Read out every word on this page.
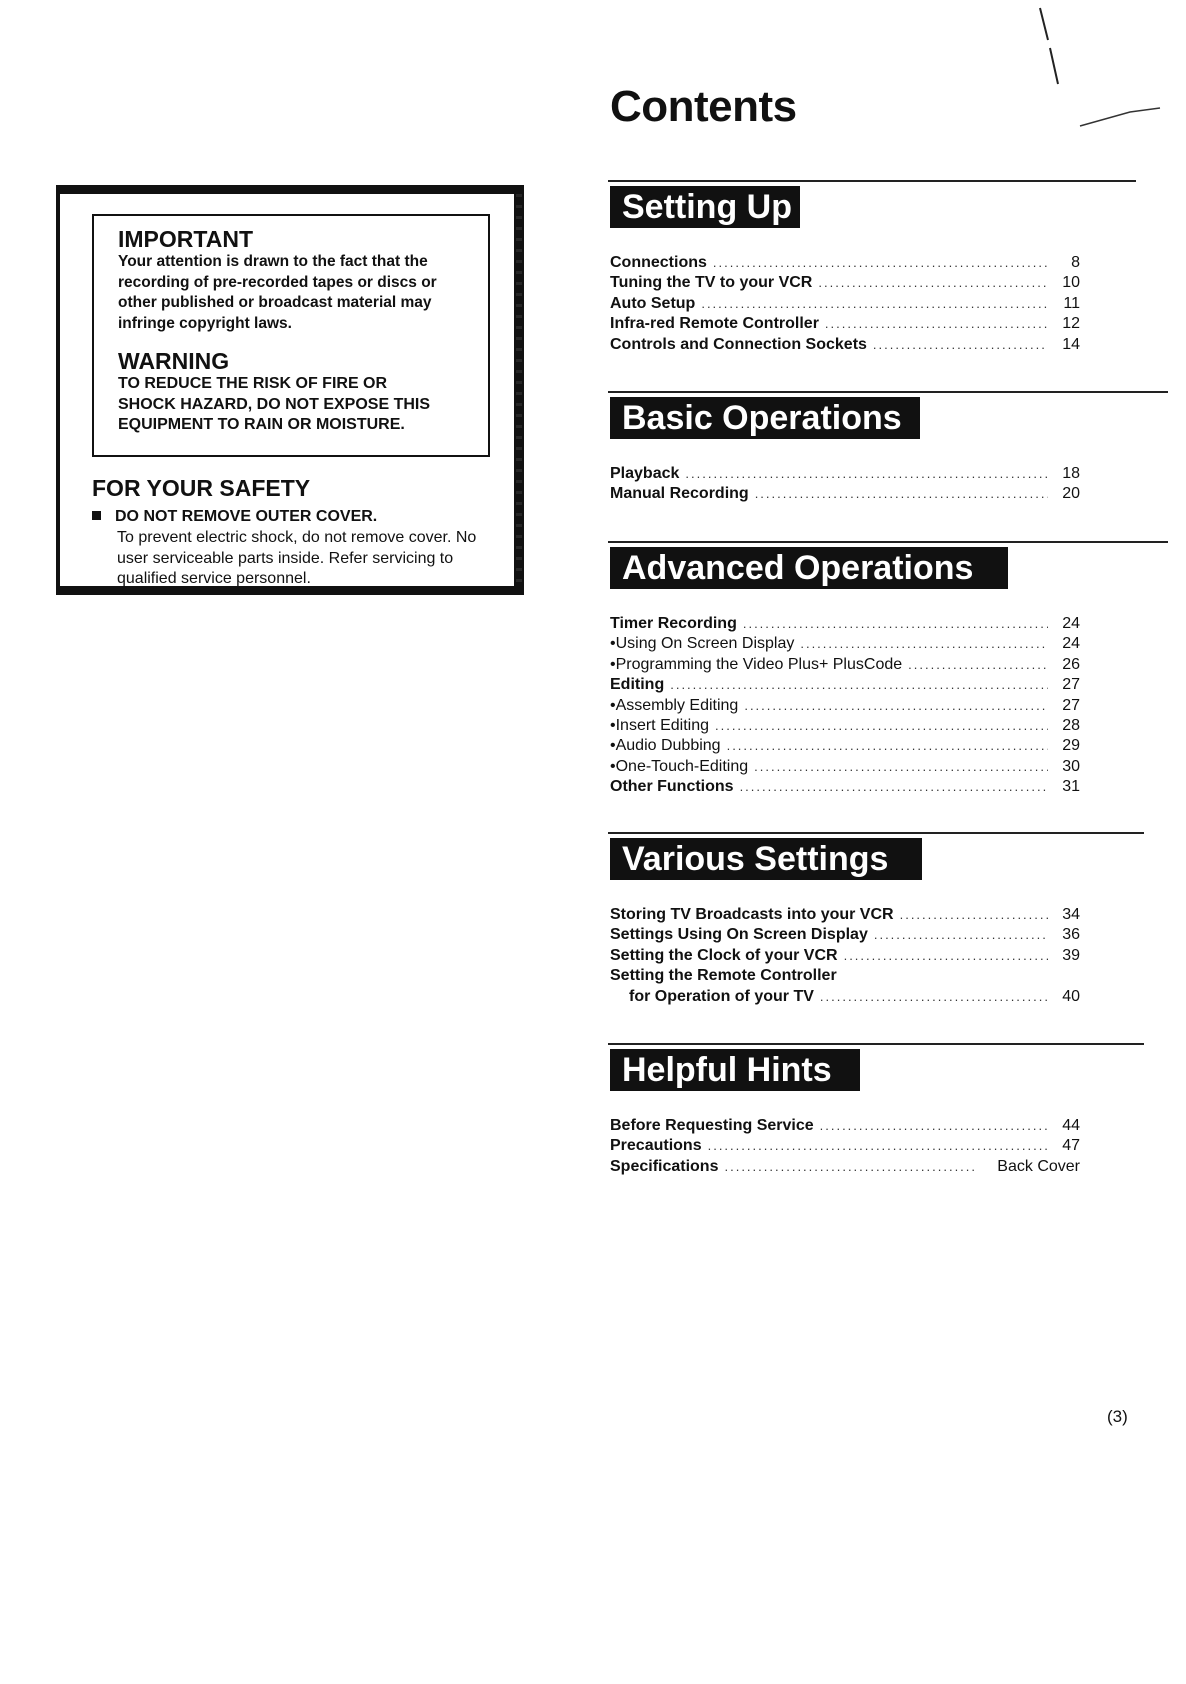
IMPORTANT

Your attention is drawn to the fact that the recording of pre-recorded tapes or discs or other published or broadcast material may infringe copyright laws.

WARNING

TO REDUCE THE RISK OF FIRE OR SHOCK HAZARD, DO NOT EXPOSE THIS EQUIPMENT TO RAIN OR MOISTURE.

FOR YOUR SAFETY

DO NOT REMOVE OUTER COVER.

To prevent electric shock, do not remove cover. No user serviceable parts inside. Refer servicing to qualified service personnel.

Contents
Setting Up
Connections .....	8
Tuning the TV to your VCR .....	10
Auto Setup .....	11
Infra-red Remote Controller .....	12
Controls and Connection Sockets .....	14
Basic Operations
Playback .....	18
Manual Recording .....	20
Advanced Operations
Timer Recording .....	24
•Using On Screen Display .....	24
•Programming the Video Plus+ PlusCode .....	26
Editing .....	27
•Assembly Editing .....	27
•Insert Editing .....	28
•Audio Dubbing .....	29
•One-Touch-Editing .....	30
Other Functions .....	31
Various Settings
Storing TV Broadcasts into your VCR .....	34
Settings Using On Screen Display .....	36
Setting the Clock of your VCR .....	39
Setting the Remote Controller
for Operation of your TV .....	40
Helpful Hints
Before Requesting Service .....	44
Precautions .....	47
Specifications .....	Back Cover

(3)
